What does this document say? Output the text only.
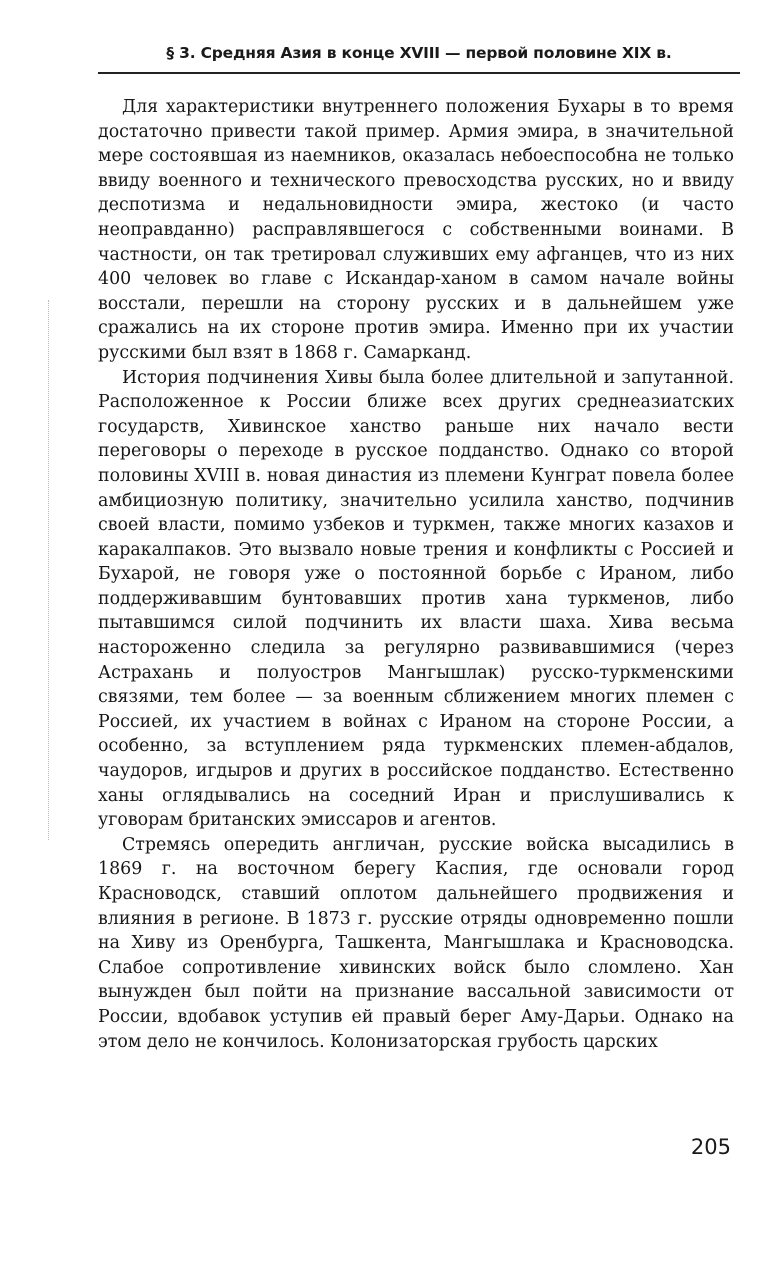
§ 3. Средняя Азия в конце XVIII — первой половине XIX в.

Для характеристики внутреннего положения Бухары в то время достаточно привести такой пример. Армия эмира, в значительной мере состоявшая из наемников, оказалась небоеспособна не только ввиду военного и технического превосходства русских, но и ввиду деспотизма и недальновидности эмира, жестоко (и часто неоправданно) расправлявшегося с собственными воинами. В частности, он так третировал служивших ему афганцев, что из них 400 человек во главе с Искандар-ханом в самом начале войны восстали, перешли на сторону русских и в дальнейшем уже сражались на их стороне против эмира. Именно при их участии русскими был взят в 1868 г. Самарканд.

История подчинения Хивы была более длительной и запутанной. Расположенное к России ближе всех других среднеазиатских государств, Хивинское ханство раньше них начало вести переговоры о переходе в русское подданство. Однако со второй половины XVIII в. новая династия из племени Кунграт повела более амбициозную политику, значительно усилила ханство, подчинив своей власти, помимо узбеков и туркмен, также многих казахов и каракалпаков. Это вызвало новые трения и конфликты с Россией и Бухарой, не говоря уже о постоянной борьбе с Ираном, либо поддерживавшим бунтовавших против хана туркменов, либо пытавшимся силой подчинить их власти шаха. Хива весьма настороженно следила за регулярно развивавшимися (через Астрахань и полуостров Мангышлак) русско-туркменскими связями, тем более — за военным сближением многих племен с Россией, их участием в войнах с Ираном на стороне России, а особенно, за вступлением ряда туркменских племен-абдалов, чаудоров, игдыров и других в российское подданство. Естественно ханы оглядывались на соседний Иран и прислушивались к уговорам британских эмиссаров и агентов.

Стремясь опередить англичан, русские войска высадились в 1869 г. на восточном берегу Каспия, где основали город Красноводск, ставший оплотом дальнейшего продвижения и влияния в регионе. В 1873 г. русские отряды одновременно пошли на Хиву из Оренбурга, Ташкента, Мангышлака и Красноводска. Слабое сопротивление хивинских войск было сломлено. Хан вынужден был пойти на признание вассальной зависимости от России, вдобавок уступив ей правый берег Аму-Дарьи. Однако на этом дело не кончилось. Колонизаторская грубость царских

205
